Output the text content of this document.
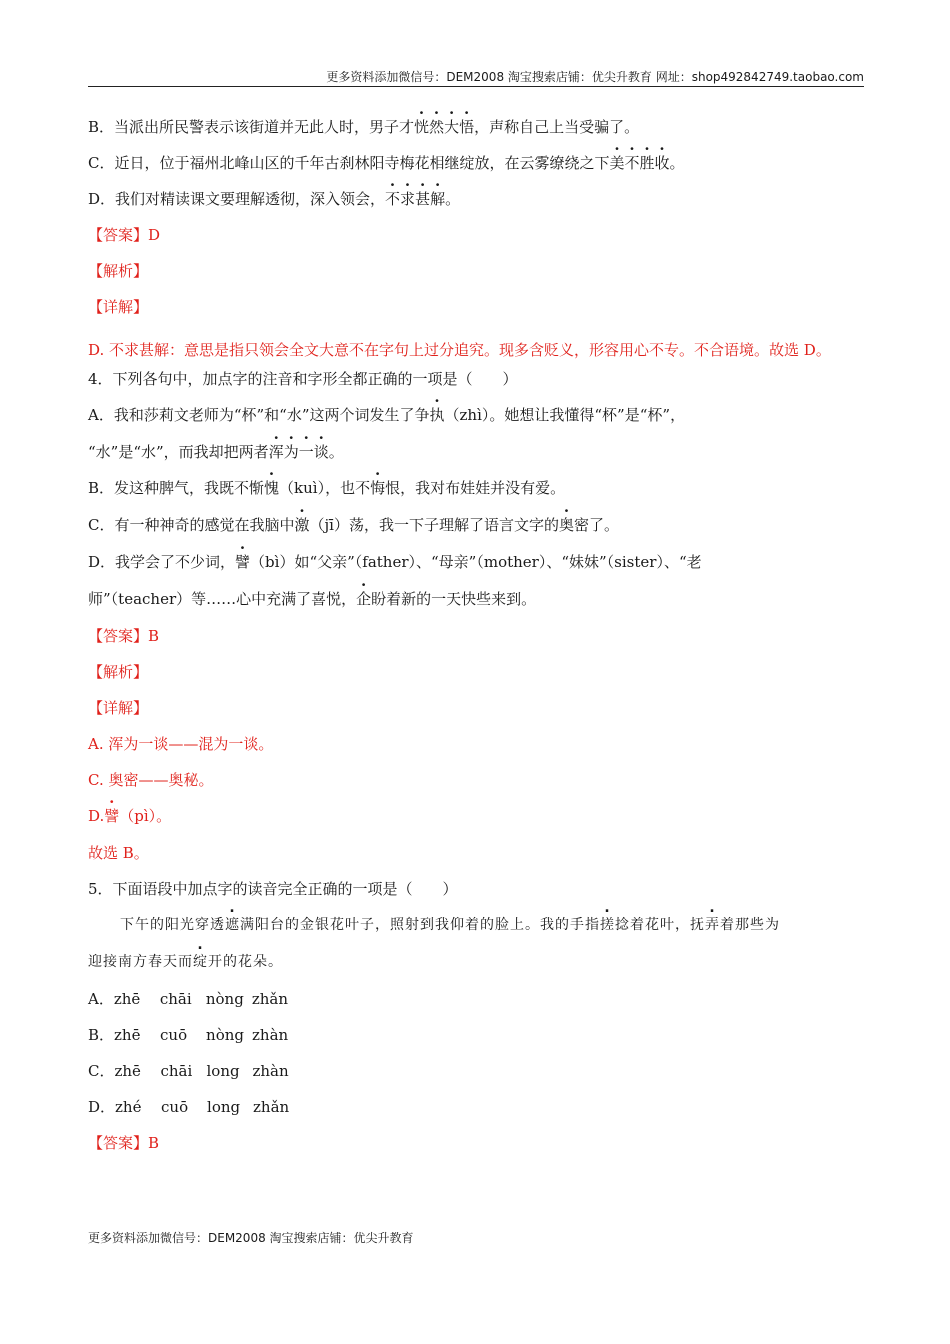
更多资料添加微信号：DEM2008 淘宝搜索店铺：优尖升教育 网址：shop492842749.taobao.com
B．当派出所民警表示该街道并无此人时，男子才恍然大悟，声称自己上当受骗了。
C．近日，位于福州北峰山区的千年古刹林阳寺梅花相继绽放，在云雾缭绕之下美不胜收。
D．我们对精读课文要理解透彻，深入领会，不求甚解。
【答案】D
【解析】
【详解】
D. 不求甚解：意思是指只领会全文大意不在字句上过分追究。现多含贬义，形容用心不专。不合语境。故选 D。
4．下列各句中，加点字的注音和字形全都正确的一项是（　　）
A．我和莎莉文老师为“杯”和“水”这两个词发生了争执（zhì）。她想让我懂得“杯”是“杯”，
“水”是“水”，而我却把两者浑为一谈。
B．发这种脾气，我既不惭愧（kuì），也不悔恨，我对布娃娃并没有爱。
C．有一种神奇的感觉在我脑中激（jī）荡，我一下子理解了语言文字的奥密了。
D．我学会了不少词，譬（bì）如“父亲”（father）、“母亲”（mother）、“妹妹”（sister）、“老
师”（teacher）等……心中充满了喜悦，企盼着新的一天快些来到。
【答案】B
【解析】
【详解】
A. 浑为一谈——混为一谈。
C. 奥密——奥秘。
D.譬（pì）。
故选 B。
5．下面语段中加点字的读音完全正确的一项是（　　）
下午的阳光穿透遮满阳台的金银花叶子，照射到我仰着的脸上。我的手指搓捻着花叶，抚弄着那些为
迎接南方春天而绽开的花朵。
A．zhē chāi nòng zhǎn
B．zhē cuō nòng zhàn
C．zhē chāi long zhàn
D．zhé cuō long zhǎn
【答案】B
更多资料添加微信号：DEM2008 淘宝搜索店铺：优尖升教育
